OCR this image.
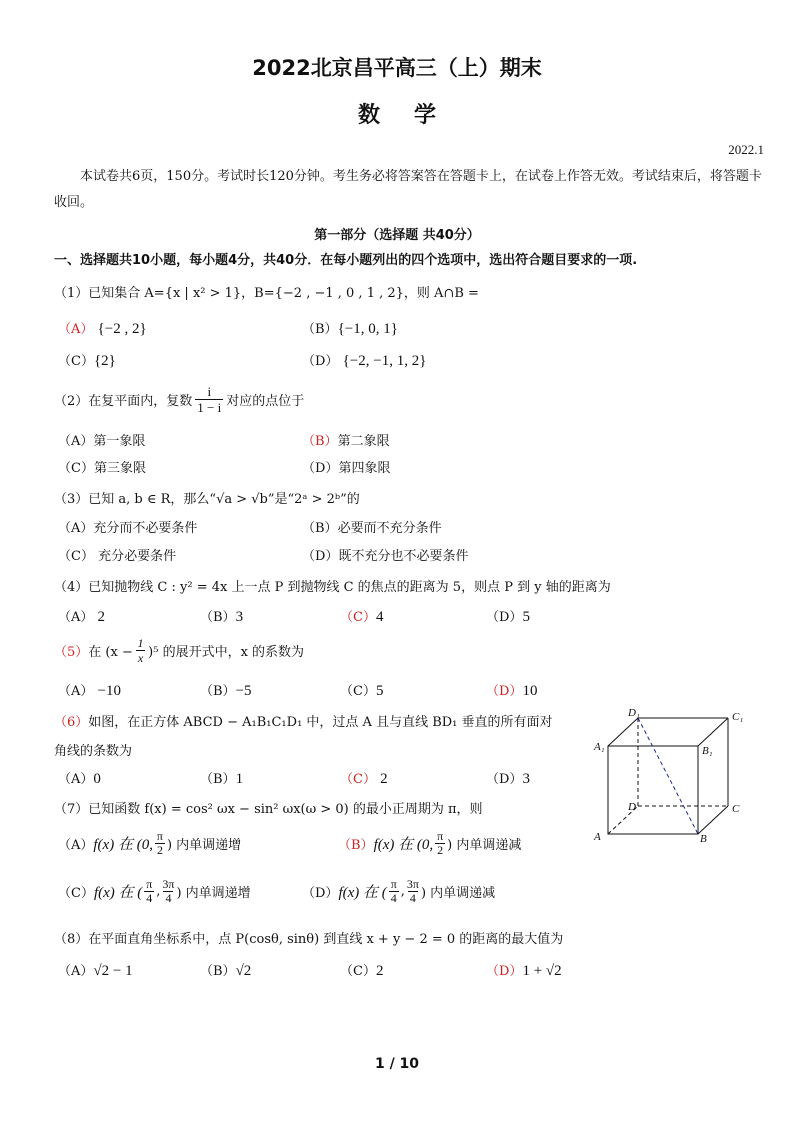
2022北京昌平高三（上）期末
数学
2022.1
本试卷共6页，150分。考试时长120分钟。考生务必将答案答在答题卡上，在试卷上作答无效。考试结束后，将答题卡收回。
第一部分（选择题 共40分）
一、选择题共10小题，每小题4分，共40分．在每小题列出的四个选项中，选出符合题目要求的一项.
（1）已知集合 A={x | x² > 1}，B={−2 , −1 , 0 , 1 , 2}，则 A∩B =
（A） {−2 , 2}	（B）{−1, 0, 1}
（C）{2}	（D） {−2, −1, 1, 2}
（2） 在复平面内，复数 $\frac{i}{1 - i}$ 对应的点位于
（A）第一象限	（B）第二象限
（C）第三象限	（D）第四象限
（3）已知 a, b ∈ R，那么“√a > √b”是“2ᵃ > 2ᵇ”的
（A）充分而不必要条件	（B）必要而不充分条件
（C） 充分必要条件	（D）既不充分也不必要条件
（4）已知抛物线 C : y² = 4x 上一点 P 到抛物线 C 的焦点的距离为 5，则点 P 到 y 轴的距离为
（A） 2	（B）3	（C）4	（D）5
（5） 在 $(x - \frac{1}{x} )^5$ 的展开式中，x 的系数为
（A） −10	（B）−5	（C）5	（D）10
（6）如图，在正方体 ABCD − A₁B₁C₁D₁ 中，过点 A 且与直线 BD₁ 垂直的所有面对
角线的条数为
（A）0	（B）1	（C） 2	（D）3
D₁	C₁
A₁	B₁
D	C
A	B
（7）已知函数 f(x) = cos² ωx − sin² ωx(ω > 0) 的最小正周期为 π，则
（A） f(x) 在 (0,
π
2 ) 内单调递增	（B） f(x) 在 (0,
π
2 ) 内单调递减
（C） f(x) 在 (
π
4 , 3π
4 ) 内单调递增	（D） f(x) 在 (
π
4 , 3π
4 ) 内单调递减
（8）在平面直角坐标系中，点 P(cosθ, sinθ) 到直线 x + y − 2 = 0 的距离的最大值为
（A）√2 − 1	（B）√2	（C）2	（D）1 + √2
1 / 10
